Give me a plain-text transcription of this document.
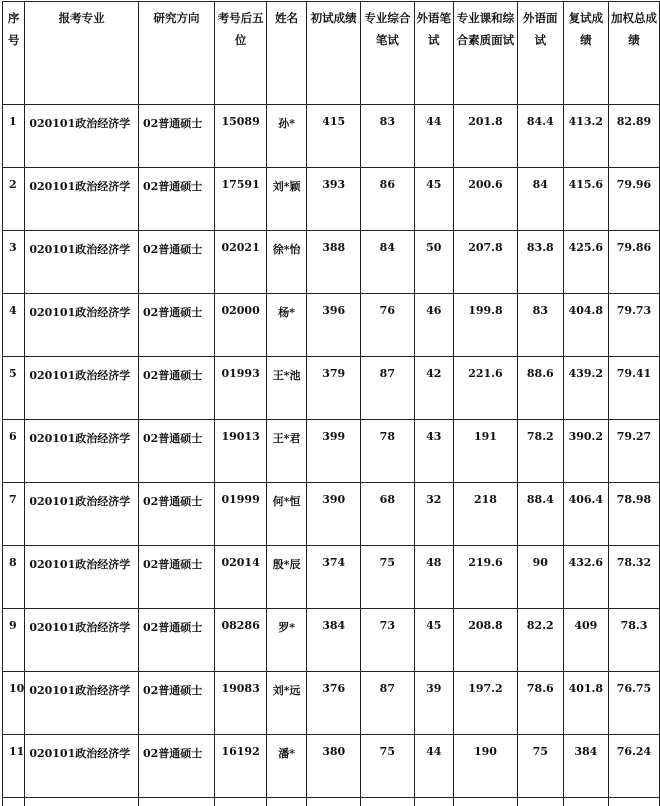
序号	报考专业	研究方向	考号后五位	姓名	初试成绩	专业综合笔试	外语笔试	专业课和综合素质面试	外语面试	复试成绩	加权总成绩
1	020101政治经济学	02普通硕士	15089	孙*	415	83	44	201.8	84.4	413.2	82.89
2	020101政治经济学	02普通硕士	17591	刘*颖	393	86	45	200.6	84	415.6	79.96
3	020101政治经济学	02普通硕士	02021	徐*怡	388	84	50	207.8	83.8	425.6	79.86
4	020101政治经济学	02普通硕士	02000	杨*	396	76	46	199.8	83	404.8	79.73
5	020101政治经济学	02普通硕士	01993	王*池	379	87	42	221.6	88.6	439.2	79.41
6	020101政治经济学	02普通硕士	19013	王*君	399	78	43	191	78.2	390.2	79.27
7	020101政治经济学	02普通硕士	01999	何*恒	390	68	32	218	88.4	406.4	78.98
8	020101政治经济学	02普通硕士	02014	殷*辰	374	75	48	219.6	90	432.6	78.32
9	020101政治经济学	02普通硕士	08286	罗*	384	73	45	208.8	82.2	409	78.3
10	020101政治经济学	02普通硕士	19083	刘*远	376	87	39	197.2	78.6	401.8	76.75
11	020101政治经济学	02普通硕士	16192	潘*	380	75	44	190	75	384	76.24
